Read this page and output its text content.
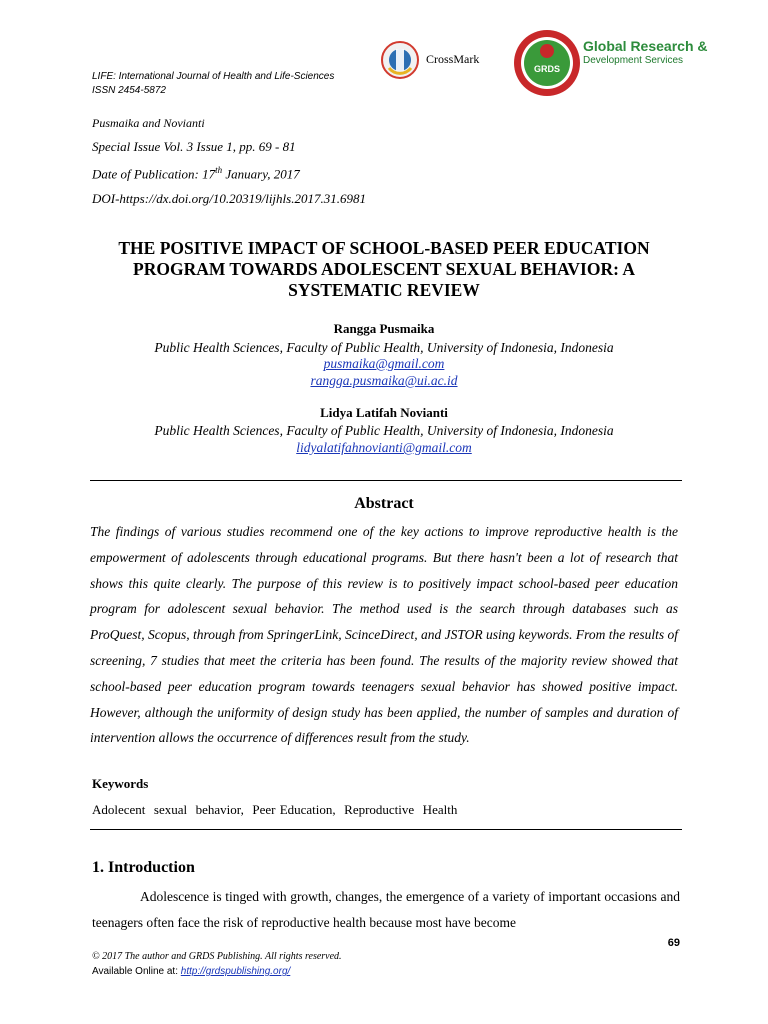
LIFE: International Journal of Health and Life-Sciences
ISSN 2454-5872
CrossMark
GRDS
Global Research &
Development Services
Pusmaika and Novianti
Special Issue Vol. 3 Issue 1, pp. 69 - 81
Date of Publication: 17th January, 2017
DOI-https://dx.doi.org/10.20319/lijhls.2017.31.6981
THE POSITIVE IMPACT OF SCHOOL-BASED PEER EDUCATION PROGRAM TOWARDS ADOLESCENT SEXUAL BEHAVIOR: A SYSTEMATIC REVIEW
Rangga Pusmaika
Public Health Sciences, Faculty of Public Health, University of Indonesia, Indonesia
pusmaika@gmail.com
rangga.pusmaika@ui.ac.id
Lidya Latifah Novianti
Public Health Sciences, Faculty of Public Health, University of Indonesia, Indonesia
lidyalatifahnovianti@gmail.com
Abstract
The findings of various studies recommend one of the key actions to improve reproductive health is the empowerment of adolescents through educational programs. But there hasn't been a lot of research that shows this quite clearly. The purpose of this review is to positively impact school-based peer education program for adolescent sexual behavior. The method used is the search through databases such as ProQuest, Scopus, through from SpringerLink, ScinceDirect, and JSTOR using keywords. From the results of screening, 7 studies that meet the criteria has been found. The results of the majority review showed that school-based peer education program towards teenagers sexual behavior has showed positive impact. However, although the uniformity of design study has been applied, the number of samples and duration of intervention allows the occurrence of differences result from the study.
Keywords
Adolecent  sexual  behavior,  Peer Education,  Reproductive  Health
1. Introduction
Adolescence is tinged with growth, changes, the emergence of a variety of important occasions and teenagers often face the risk of reproductive health because most have become
69
© 2017 The author and GRDS Publishing. All rights reserved.
Available Online at: http://grdspublishing.org/
